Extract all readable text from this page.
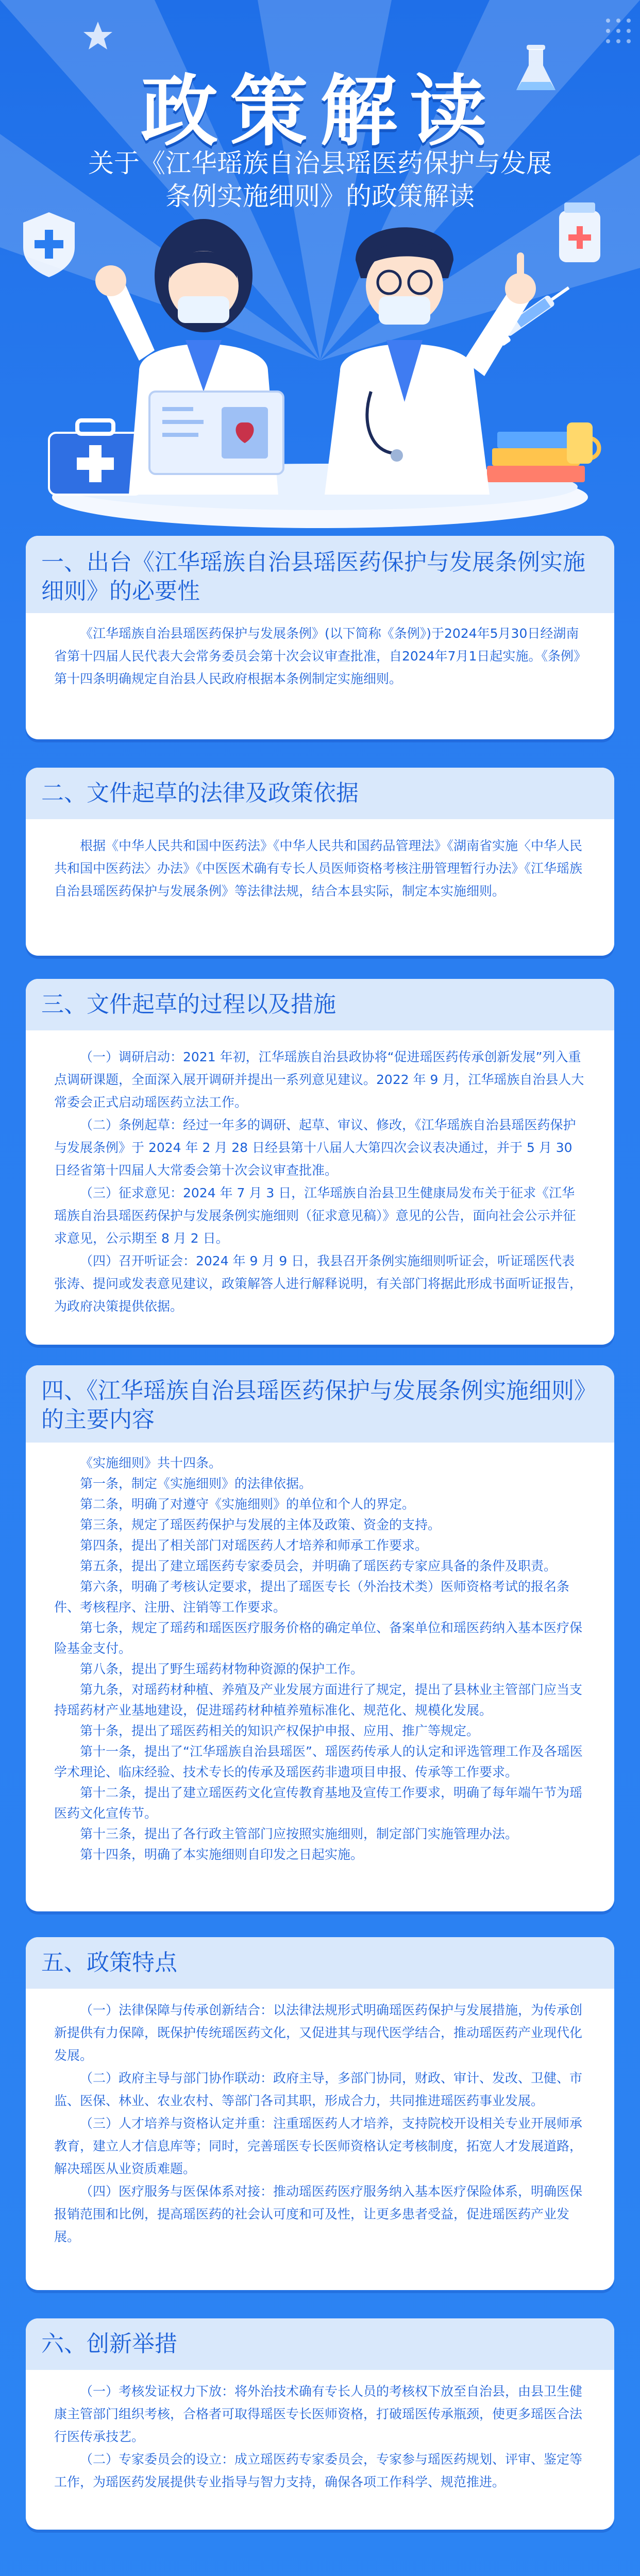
政策解读
关于《江华瑶族自治县瑶医药保护与发展条例实施细则》的政策解读
一、出台《江华瑶族自治县瑶医药保护与发展条例实施细则》的必要性

《江华瑶族自治县瑶医药保护与发展条例》(以下简称《条例》)于2024年5月30日经湖南省第十四届人民代表大会常务委员会第十次会议审查批准，自2024年7月1日起实施。《条例》第十四条明确规定自治县人民政府根据本条例制定实施细则。

二、文件起草的法律及政策依据

根据《中华人民共和国中医药法》《中华人民共和国药品管理法》《湖南省实施〈中华人民共和国中医药法〉办法》《中医医术确有专长人员医师资格考核注册管理暂行办法》《江华瑶族自治县瑶医药保护与发展条例》等法律法规，结合本县实际，制定本实施细则。

三、文件起草的过程以及措施

（一）调研启动：2021 年初，江华瑶族自治县政协将“促进瑶医药传承创新发展”列入重点调研课题，全面深入展开调研并提出一系列意见建议。2022 年 9 月，江华瑶族自治县人大常委会正式启动瑶医药立法工作。

（二）条例起草：经过一年多的调研、起草、审议、修改，《江华瑶族自治县瑶医药保护与发展条例》于 2024 年 2 月 28 日经县第十八届人大第四次会议表决通过，并于 5 月 30 日经省第十四届人大常委会第十次会议审查批准。

（三）征求意见：2024 年 7 月 3 日，江华瑶族自治县卫生健康局发布关于征求《江华瑶族自治县瑶医药保护与发展条例实施细则（征求意见稿）》意见的公告，面向社会公示并征求意见，公示期至 8 月 2 日。

（四）召开听证会：2024 年 9 月 9 日，我县召开条例实施细则听证会，听证瑶医代表张涛、提问或发表意见建议，政策解答人进行解释说明，有关部门将据此形成书面听证报告，为政府决策提供依据。

四、《江华瑶族自治县瑶医药保护与发展条例实施细则》的主要内容

《实施细则》共十四条。

第一条，制定《实施细则》的法律依据。

第二条，明确了对遵守《实施细则》的单位和个人的界定。

第三条，规定了瑶医药保护与发展的主体及政策、资金的支持。

第四条，提出了相关部门对瑶医药人才培养和师承工作要求。

第五条，提出了建立瑶医药专家委员会，并明确了瑶医药专家应具备的条件及职责。

第六条，明确了考核认定要求，提出了瑶医专长（外治技术类）医师资格考试的报名条件、考核程序、注册、注销等工作要求。

第七条，规定了瑶药和瑶医医疗服务价格的确定单位、备案单位和瑶医药纳入基本医疗保险基金支付。

第八条，提出了野生瑶药材物种资源的保护工作。

第九条，对瑶药材种植、养殖及产业发展方面进行了规定，提出了县林业主管部门应当支持瑶药材产业基地建设，促进瑶药材种植养殖标准化、规范化、规模化发展。

第十条，提出了瑶医药相关的知识产权保护申报、应用、推广等规定。

第十一条，提出了“江华瑶族自治县瑶医”、瑶医药传承人的认定和评选管理工作及各瑶医学术理论、临床经验、技术专长的传承及瑶医药非遗项目申报、传承等工作要求。

第十二条，提出了建立瑶医药文化宣传教育基地及宣传工作要求，明确了每年端午节为瑶医药文化宣传节。

第十三条，提出了各行政主管部门应按照实施细则，制定部门实施管理办法。

第十四条，明确了本实施细则自印发之日起实施。

五、政策特点

（一）法律保障与传承创新结合：以法律法规形式明确瑶医药保护与发展措施，为传承创新提供有力保障，既保护传统瑶医药文化，又促进其与现代医学结合，推动瑶医药产业现代化发展。

（二）政府主导与部门协作联动：政府主导，多部门协同，财政、审计、发改、卫健、市监、医保、林业、农业农村、等部门各司其职，形成合力，共同推进瑶医药事业发展。

（三）人才培养与资格认定并重：注重瑶医药人才培养，支持院校开设相关专业开展师承教育，建立人才信息库等；同时，完善瑶医专长医师资格认定考核制度，拓宽人才发展道路，解决瑶医从业资质难题。

（四）医疗服务与医保体系对接：推动瑶医药医疗服务纳入基本医疗保险体系，明确医保报销范围和比例，提高瑶医药的社会认可度和可及性，让更多患者受益，促进瑶医药产业发展。

六、创新举措

（一）考核发证权力下放：将外治技术确有专长人员的考核权下放至自治县，由县卫生健康主管部门组织考核，合格者可取得瑶医专长医师资格，打破瑶医传承瓶颈，使更多瑶医合法行医传承技艺。

（二）专家委员会的设立：成立瑶医药专家委员会，专家参与瑶医药规划、评审、鉴定等工作，为瑶医药发展提供专业指导与智力支持，确保各项工作科学、规范推进。
